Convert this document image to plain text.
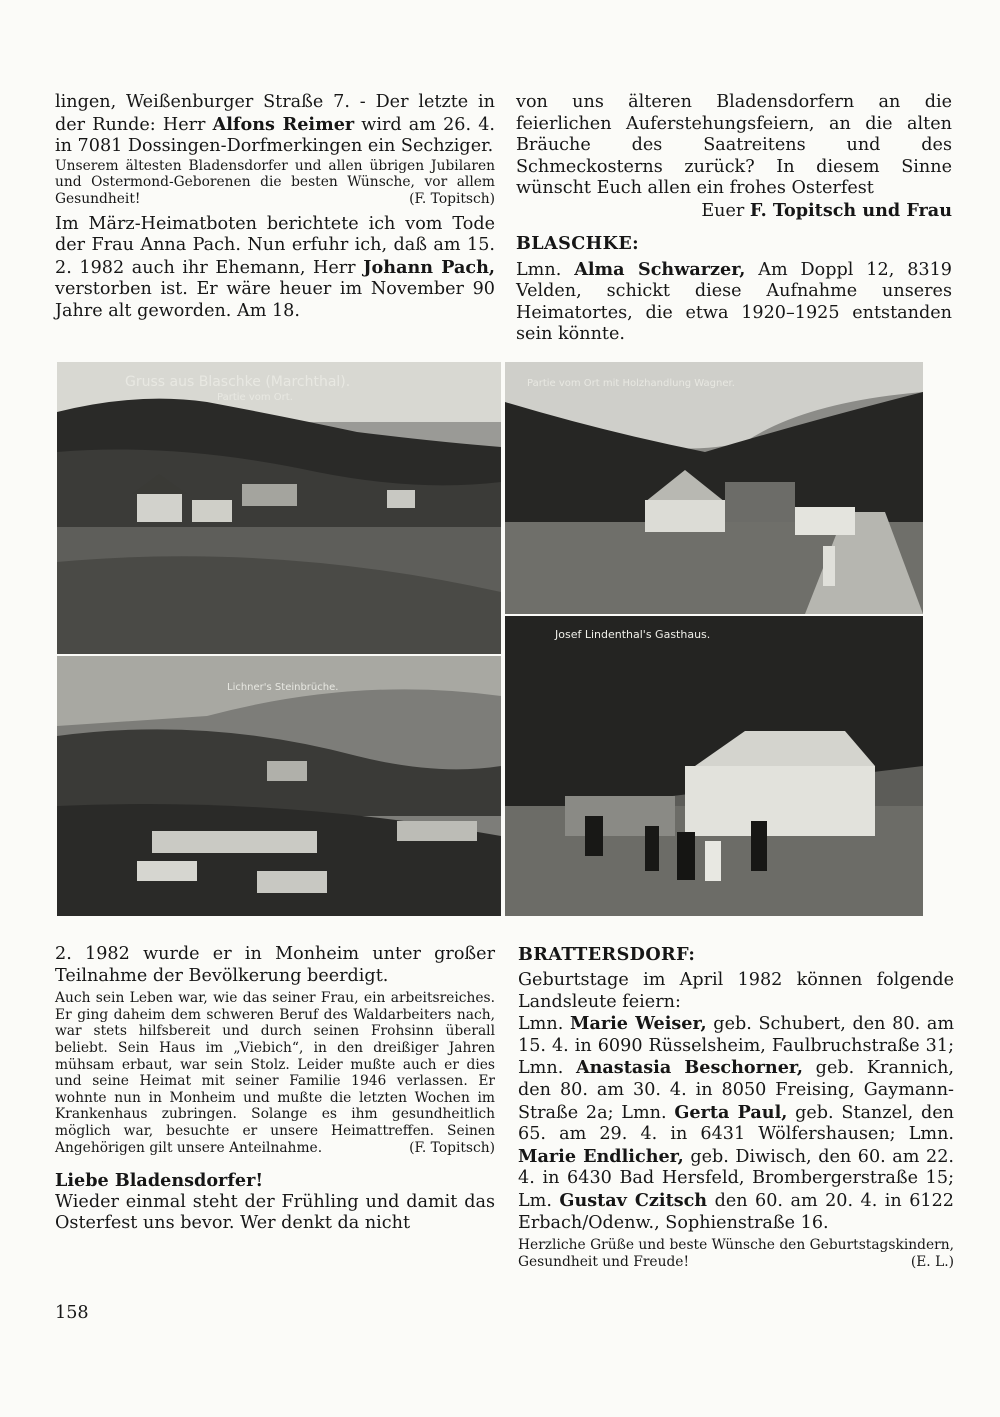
lingen, Weißenburger Straße 7. - Der letzte in der Runde: Herr Alfons Reimer wird am 26. 4. in 7081 Dossingen-Dorfmerkingen ein Sechziger.

Unserem ältesten Bladensdorfer und allen übrigen Jubilaren und Ostermond-Geborenen die besten Wünsche, vor allem Gesundheit!	(F. Topitsch)

Im März-Heimatboten berichtete ich vom Tode der Frau Anna Pach. Nun erfuhr ich, daß am 15. 2. 1982 auch ihr Ehemann, Herr Johann Pach, verstorben ist. Er wäre heuer im November 90 Jahre alt geworden. Am 18.

von uns älteren Bladensdorfern an die feierlichen Auferstehungsfeiern, an die alten Bräuche des Saatreitens und des Schmeckosterns zurück? In diesem Sinne wünscht Euch allen ein frohes Osterfest

Euer F. Topitsch und Frau

BLASCHKE:

Lmn. Alma Schwarzer, Am Doppl 12, 8319 Velden, schickt diese Aufnahme unseres Heimatortes, die etwa 1920–1925 entstanden sein könnte.

Gruss aus Blaschke (Marchthal).
Partie vom Ort.
Partie vom Ort mit Holzhandlung Wagner.
Lichner's Steinbrüche.
Josef Lindenthal's Gasthaus.

2. 1982 wurde er in Monheim unter großer Teilnahme der Bevölkerung beerdigt.

Auch sein Leben war, wie das seiner Frau, ein arbeitsreiches. Er ging daheim dem schweren Beruf des Waldarbeiters nach, war stets hilfsbereit und durch seinen Frohsinn überall beliebt. Sein Haus im „Viebich“, in den dreißiger Jahren mühsam erbaut, war sein Stolz. Leider mußte auch er dies und seine Heimat mit seiner Familie 1946 verlassen. Er wohnte nun in Monheim und mußte die letzten Wochen im Krankenhaus zubringen. Solange es ihm gesundheitlich möglich war, besuchte er unsere Heimattreffen. Seinen Angehörigen gilt unsere Anteilnahme.	(F. Topitsch)

Liebe Bladensdorfer!

Wieder einmal steht der Frühling und damit das Osterfest uns bevor. Wer denkt da nicht

BRATTERSDORF:

Geburtstage im April 1982 können folgende Landsleute feiern:

Lmn. Marie Weiser, geb. Schubert, den 80. am 15. 4. in 6090 Rüsselsheim, Faulbruchstraße 31; Lmn. Anastasia Beschorner, geb. Krannich, den 80. am 30. 4. in 8050 Freising, Gaymann-Straße 2a; Lmn. Gerta Paul, geb. Stanzel, den 65. am 29. 4. in 6431 Wölfershausen; Lmn. Marie Endlicher, geb. Diwisch, den 60. am 22. 4. in 6430 Bad Hersfeld, Brombergerstraße 15; Lm. Gustav Czitsch den 60. am 20. 4. in 6122 Erbach/Odenw., Sophienstraße 16.

Herzliche Grüße und beste Wünsche den Geburtstagskindern, Gesundheit und Freude!	(E. L.)

158
